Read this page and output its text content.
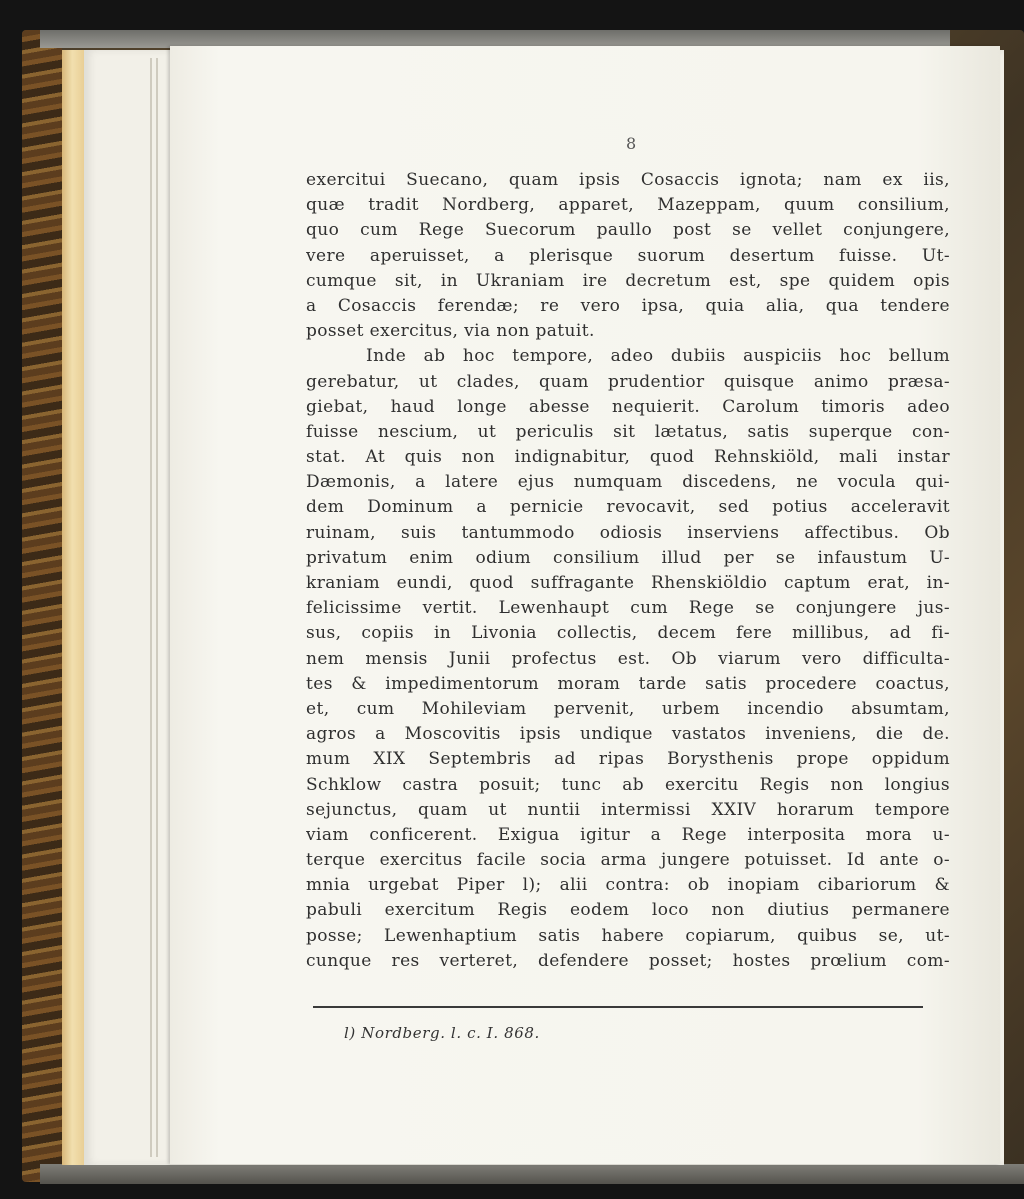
8
exercitui Suecano, quam ipsis Cosaccis ignota; nam ex iis,
quæ tradit Nordberg, apparet, Mazeppam, quum consilium,
quo cum Rege Suecorum paullo post se vellet conjungere,
vere aperuisset, a plerisque suorum desertum fuisse. Ut-
cumque sit, in Ukraniam ire decretum est, spe quidem opis
a Cosaccis ferendæ; re vero ipsa, quia alia, qua tendere
posset exercitus, via non patuit.
Inde ab hoc tempore, adeo dubiis auspiciis hoc bellum
gerebatur, ut clades, quam prudentior quisque animo præsa-
giebat, haud longe abesse nequierit. Carolum timoris adeo
fuisse nescium, ut periculis sit lætatus, satis superque con-
stat. At quis non indignabitur, quod Rehnskiöld, mali instar
Dæmonis, a latere ejus numquam discedens, ne vocula qui-
dem Dominum a pernicie revocavit, sed potius acceleravit
ruinam, suis tantummodo odiosis inserviens affectibus. Ob
privatum enim odium consilium illud per se infaustum U-
kraniam eundi, quod suffragante Rhenskiöldio captum erat, in-
felicissime vertit. Lewenhaupt cum Rege se conjungere jus-
sus, copiis in Livonia collectis, decem fere millibus, ad fi-
nem mensis Junii profectus est. Ob viarum vero difficulta-
tes & impedimentorum moram tarde satis procedere coactus,
et, cum Mohileviam pervenit, urbem incendio absumtam,
agros a Moscovitis ipsis undique vastatos inveniens, die de.
mum XIX Septembris ad ripas Borysthenis prope oppidum
Schklow castra posuit; tunc ab exercitu Regis non longius
sejunctus, quam ut nuntii intermissi XXIV horarum tempore
viam conficerent. Exigua igitur a Rege interposita mora u-
terque exercitus facile socia arma jungere potuisset. Id ante o-
mnia urgebat Piper l); alii contra: ob inopiam cibariorum &
pabuli exercitum Regis eodem loco non diutius permanere
posse; Lewenhaptium satis habere copiarum, quibus se, ut-
cunque res verteret, defendere posset; hostes prœlium com-
l) Nordberg. l. c. I. 868.
